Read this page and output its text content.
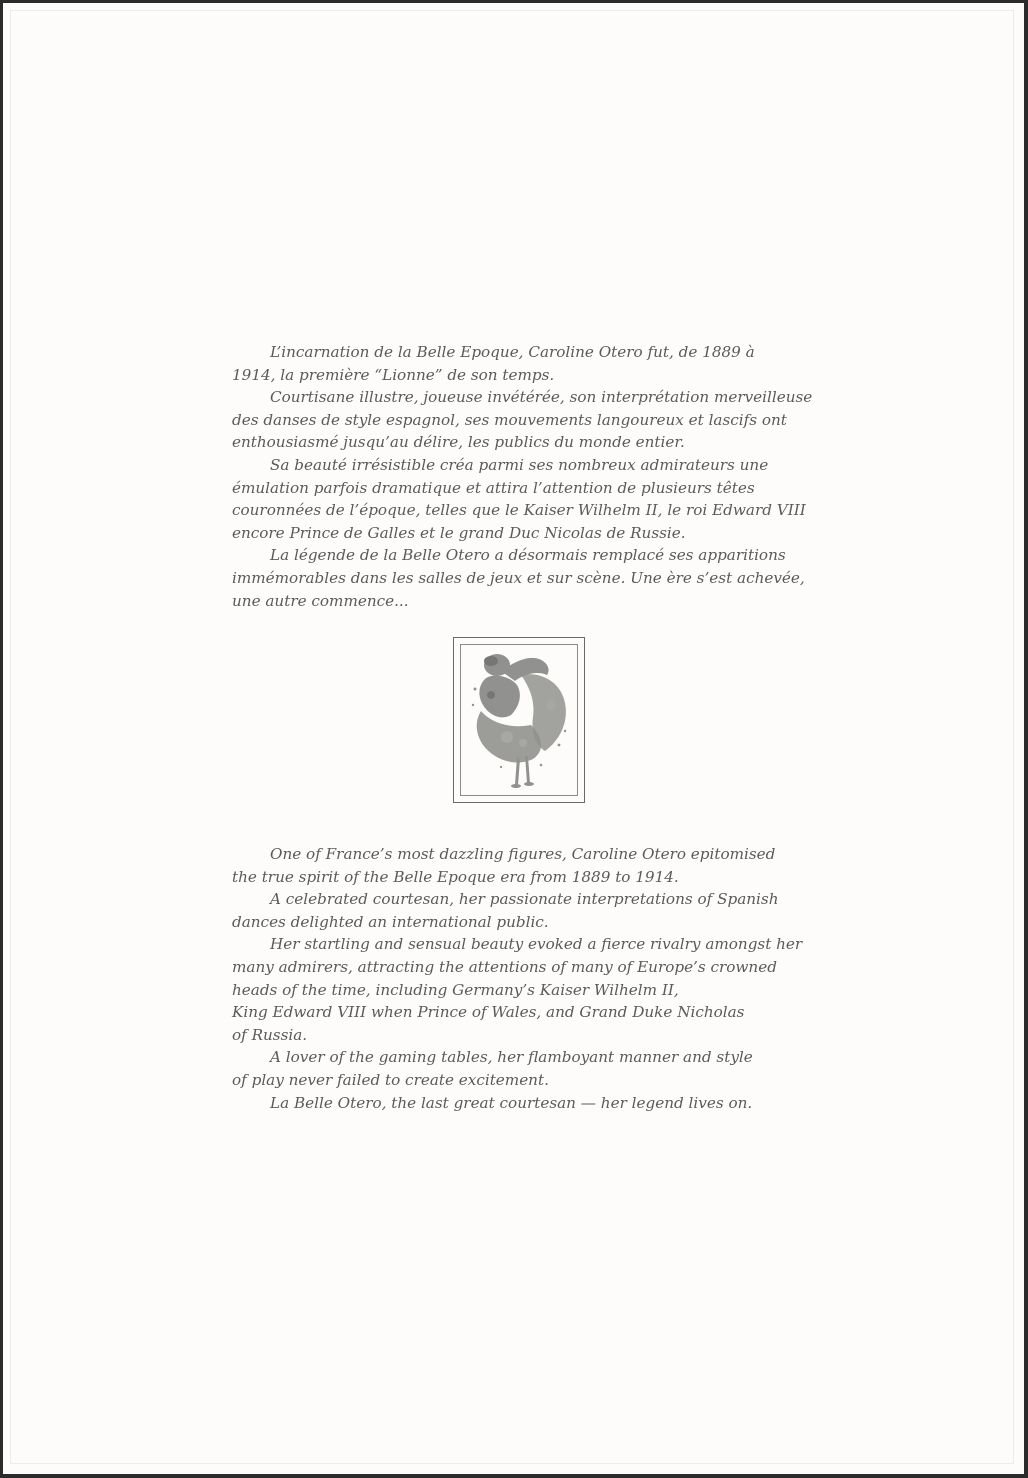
L’incarnation de la Belle Epoque, Caroline Otero fut, de 1889 à
1914, la première “Lionne” de son temps.
Courtisane illustre, joueuse invétérée, son interprétation merveilleuse
des danses de style espagnol, ses mouvements langoureux et lascifs ont
enthousiasmé jusqu’au délire, les publics du monde entier.
Sa beauté irrésistible créa parmi ses nombreux admirateurs une
émulation parfois dramatique et attira l’attention de plusieurs têtes
couronnées de l’époque, telles que le Kaiser Wilhelm II, le roi Edward VIII
encore Prince de Galles et le grand Duc Nicolas de Russie.
La légende de la Belle Otero a désormais remplacé ses apparitions
immémorables dans les salles de jeux et sur scène. Une ère s’est achevée,
une autre commence...
One of France’s most dazzling figures, Caroline Otero epitomised
the true spirit of the Belle Epoque era from 1889 to 1914.
A celebrated courtesan, her passionate interpretations of Spanish
dances delighted an international public.
Her startling and sensual beauty evoked a fierce rivalry amongst her
many admirers, attracting the attentions of many of Europe’s crowned
heads of the time, including Germany’s Kaiser Wilhelm II,
King Edward VIII when Prince of Wales, and Grand Duke Nicholas
of Russia.
A lover of the gaming tables, her flamboyant manner and style
of play never failed to create excitement.
La Belle Otero, the last great courtesan — her legend lives on.
